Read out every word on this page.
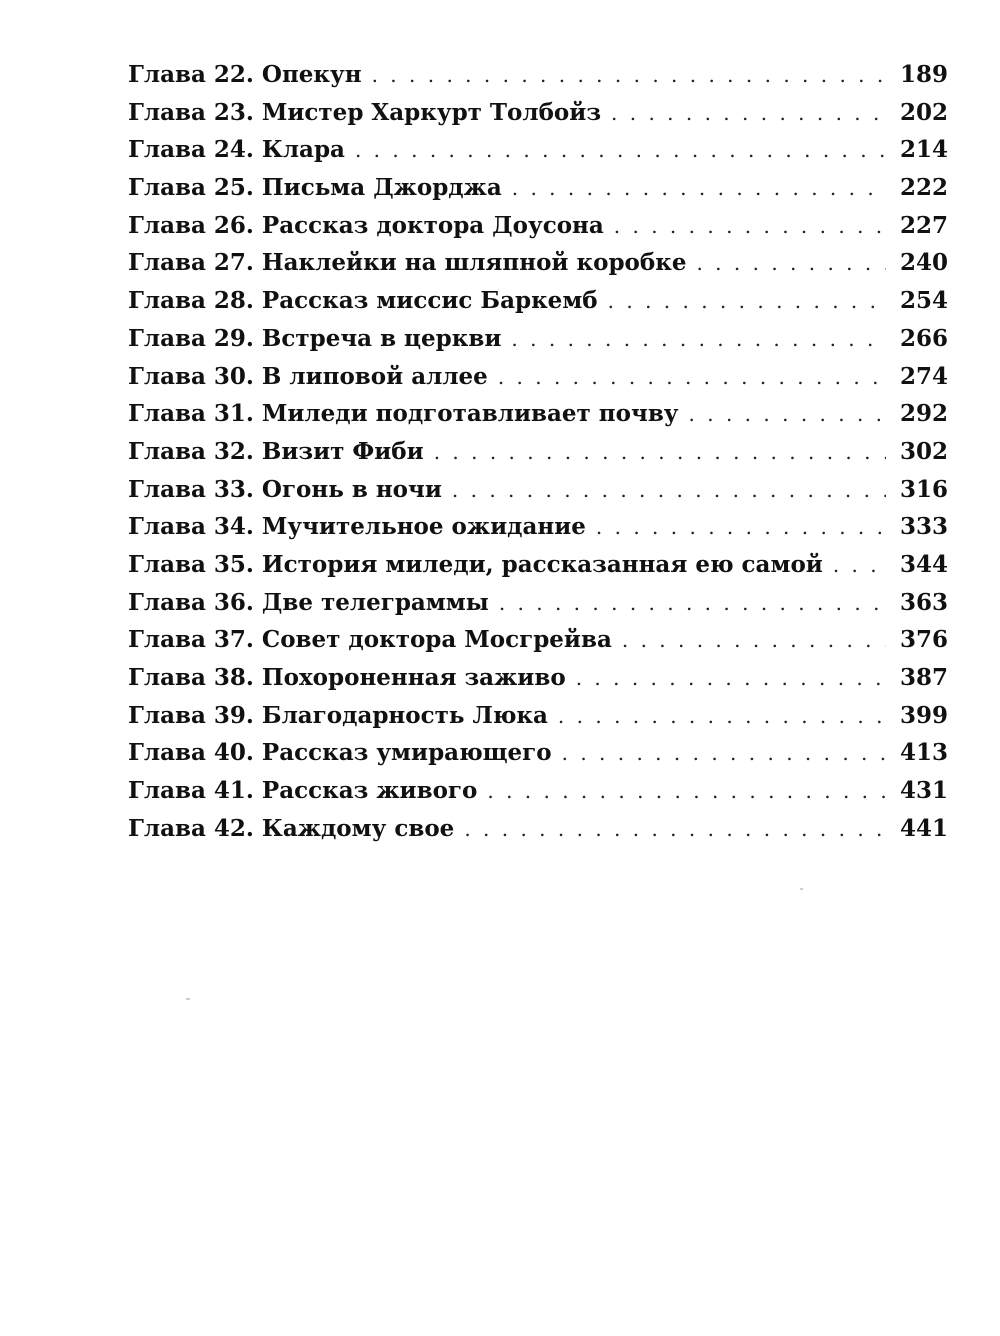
Глава 22. Опекун . . .	189
Глава 23. Мистер Харкурт Толбойз . . .	202
Глава 24. Клара . . .	214
Глава 25. Письма Джорджа . . .	222
Глава 26. Рассказ доктора Доусона . . .	227
Глава 27. Наклейки на шляпной коробке . . .	240
Глава 28. Рассказ миссис Баркемб . . .	254
Глава 29. Встреча в церкви . . .	266
Глава 30. В липовой аллее . . .	274
Глава 31. Миледи подготавливает почву . . .	292
Глава 32. Визит Фиби . . .	302
Глава 33. Огонь в ночи . . .	316
Глава 34. Мучительное ожидание . . .	333
Глава 35. История миледи, рассказанная ею самой . . .	344
Глава 36. Две телеграммы . . .	363
Глава 37. Совет доктора Мосгрейва . . .	376
Глава 38. Похороненная заживо . . .	387
Глава 39. Благодарность Люка . . .	399
Глава 40. Рассказ умирающего . . .	413
Глава 41. Рассказ живого . . .	431
Глава 42. Каждому свое . . .	441
